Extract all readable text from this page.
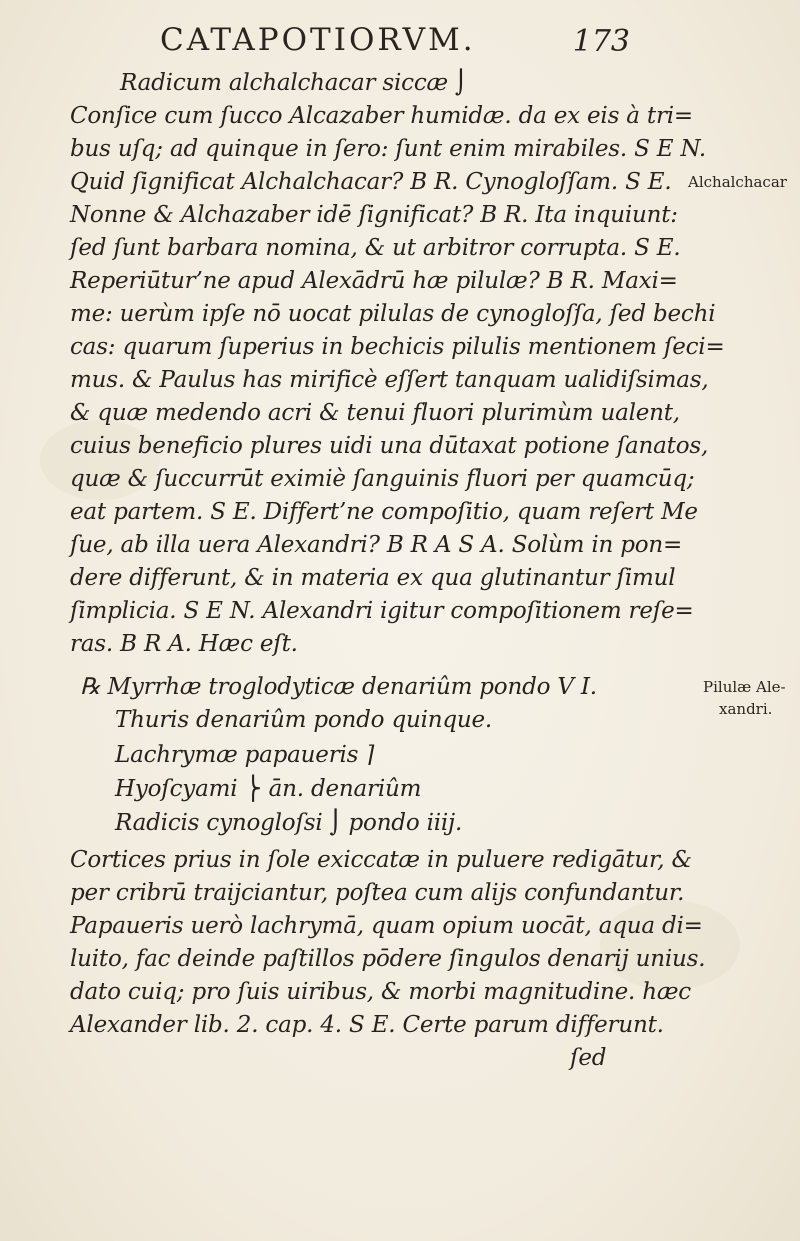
CATAPOTIORVM.	173
Radicum alchalchacar siccæ ⌡
Conſice cum ſucco Alcazaber humidæ. da ex eis à tri=
bus uſq; ad quinque in ſero: ſunt enim mirabiles. S E N.
Quid ſignificat Alchalchacar? B R. Cynogloſſam. S E.
Nonne & Alchazaber idē ſignificat? B R. Ita inquiunt:
ſed ſunt barbara nomina, & ut arbitror corrupta. S E.
Reperiūtur’ne apud Alexādrū hæ pilulæ? B R. Maxi=
me: uerùm ipſe nō uocat pilulas de cynogloſſa, ſed bechi
cas: quarum ſuperius in bechicis pilulis mentionem ſeci=
mus. & Paulus has mirificè eſſert tanquam ualidiſsimas,
& quæ medendo acri & tenui fluori plurimùm ualent,
cuius beneficio plures uidi una dūtaxat potione ſanatos,
quæ & ſuccurrūt eximiè ſanguinis fluori per quamcūq;
eat partem. S E. Differt’ne compoſitio, quam reſert Me
ſue, ab illa uera Alexandri? B R A S A. Solùm in pon=
dere differunt, & in materia ex qua glutinantur ſimul
ſimplicia. S E N. Alexandri igitur compoſitionem reſe=
ras. B R A. Hæc eſt.
℞ Myrrhæ troglodyticæ denariûm pondo V I.
Thuris denariûm pondo quinque.
Lachrymæ papaueris ⌉
Hyoſcyami ⎬ ān. denariûm
Radicis cynogloſsi ⌡ pondo iiij.
Cortices prius in ſole exiccatæ in puluere redigātur, &
per cribrū traijciantur, poſtea cum alijs confundantur.
Papaueris uerò lachrymā, quam opium uocāt, aqua di=
luito, fac deinde paſtillos pōdere ſingulos denarij unius.
dato cuiq; pro ſuis uiribus, & morbi magnitudine. hæc
Alexander lib. 2. cap. 4. S E. Certe parum differunt.
ſed
Alchalchacar
Pilulæ Ale-
xandri.
